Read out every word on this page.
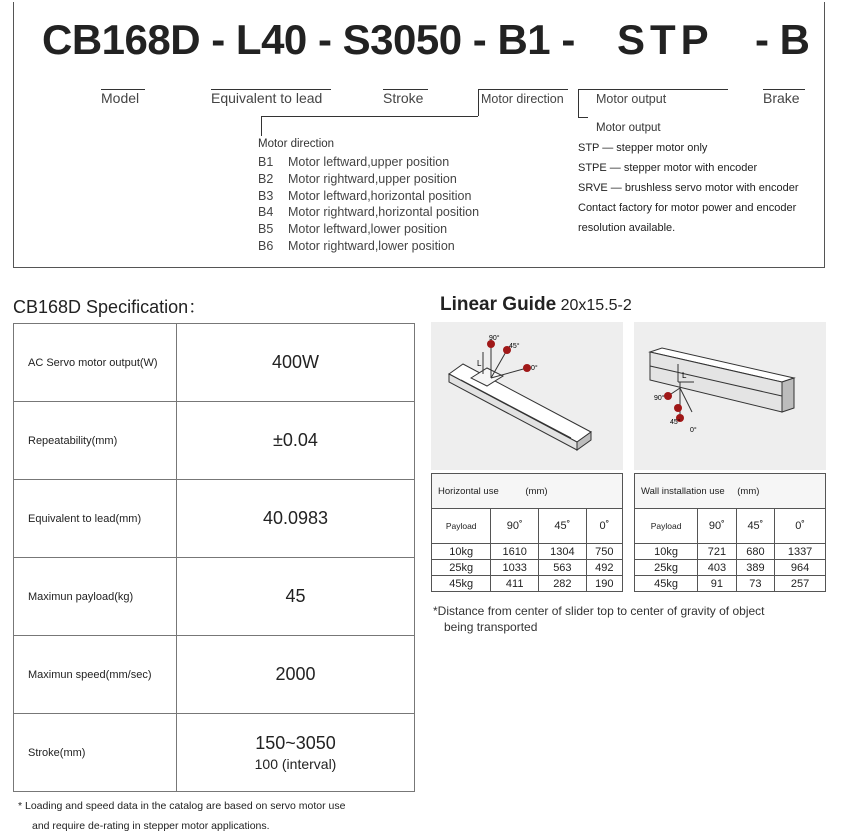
CB168D - L40 - S3050 - B1 - STP - B
Model	Equivalent to lead	Stroke	Motor direction	Motor output	Brake
Motor direction
B1 Motor leftward,upper position
B2 Motor rightward,upper position
B3 Motor leftward,horizontal position
B4 Motor rightward,horizontal position
B5 Motor leftward,lower position
B6 Motor rightward,lower position
Motor output
STP — stepper motor only
STPE — stepper motor with encoder
SRVE — brushless servo motor with encoder
Contact factory for motor power and encoder
resolution available.
CB168D Specification：
AC Servo motor output(W)	400W
Repeatability(mm)	±0.04
Equivalent to lead(mm)	40.0983
Maximun payload(kg)	45
Maximun speed(mm/sec)	2000
Stroke(mm)	150~3050
100 (interval)
* Loading and speed data in the catalog are based on servo motor use
and require de-rating in stepper motor applications.
Linear Guide 20x15.5-2
90°
45°
0°
L
90°
45°
0°
L
Horizontal use (mm)			
Payload	90˚	45˚	0˚
10kg	1610	1304	750
25kg	1033	563	492
45kg	411	282	190
Wall installation use (mm)			
Payload	90˚	45˚	0˚
10kg	721	680	1337
25kg	403	389	964
45kg	91	73	257
*Distance from center of slider top to center of gravity of object
being transported
